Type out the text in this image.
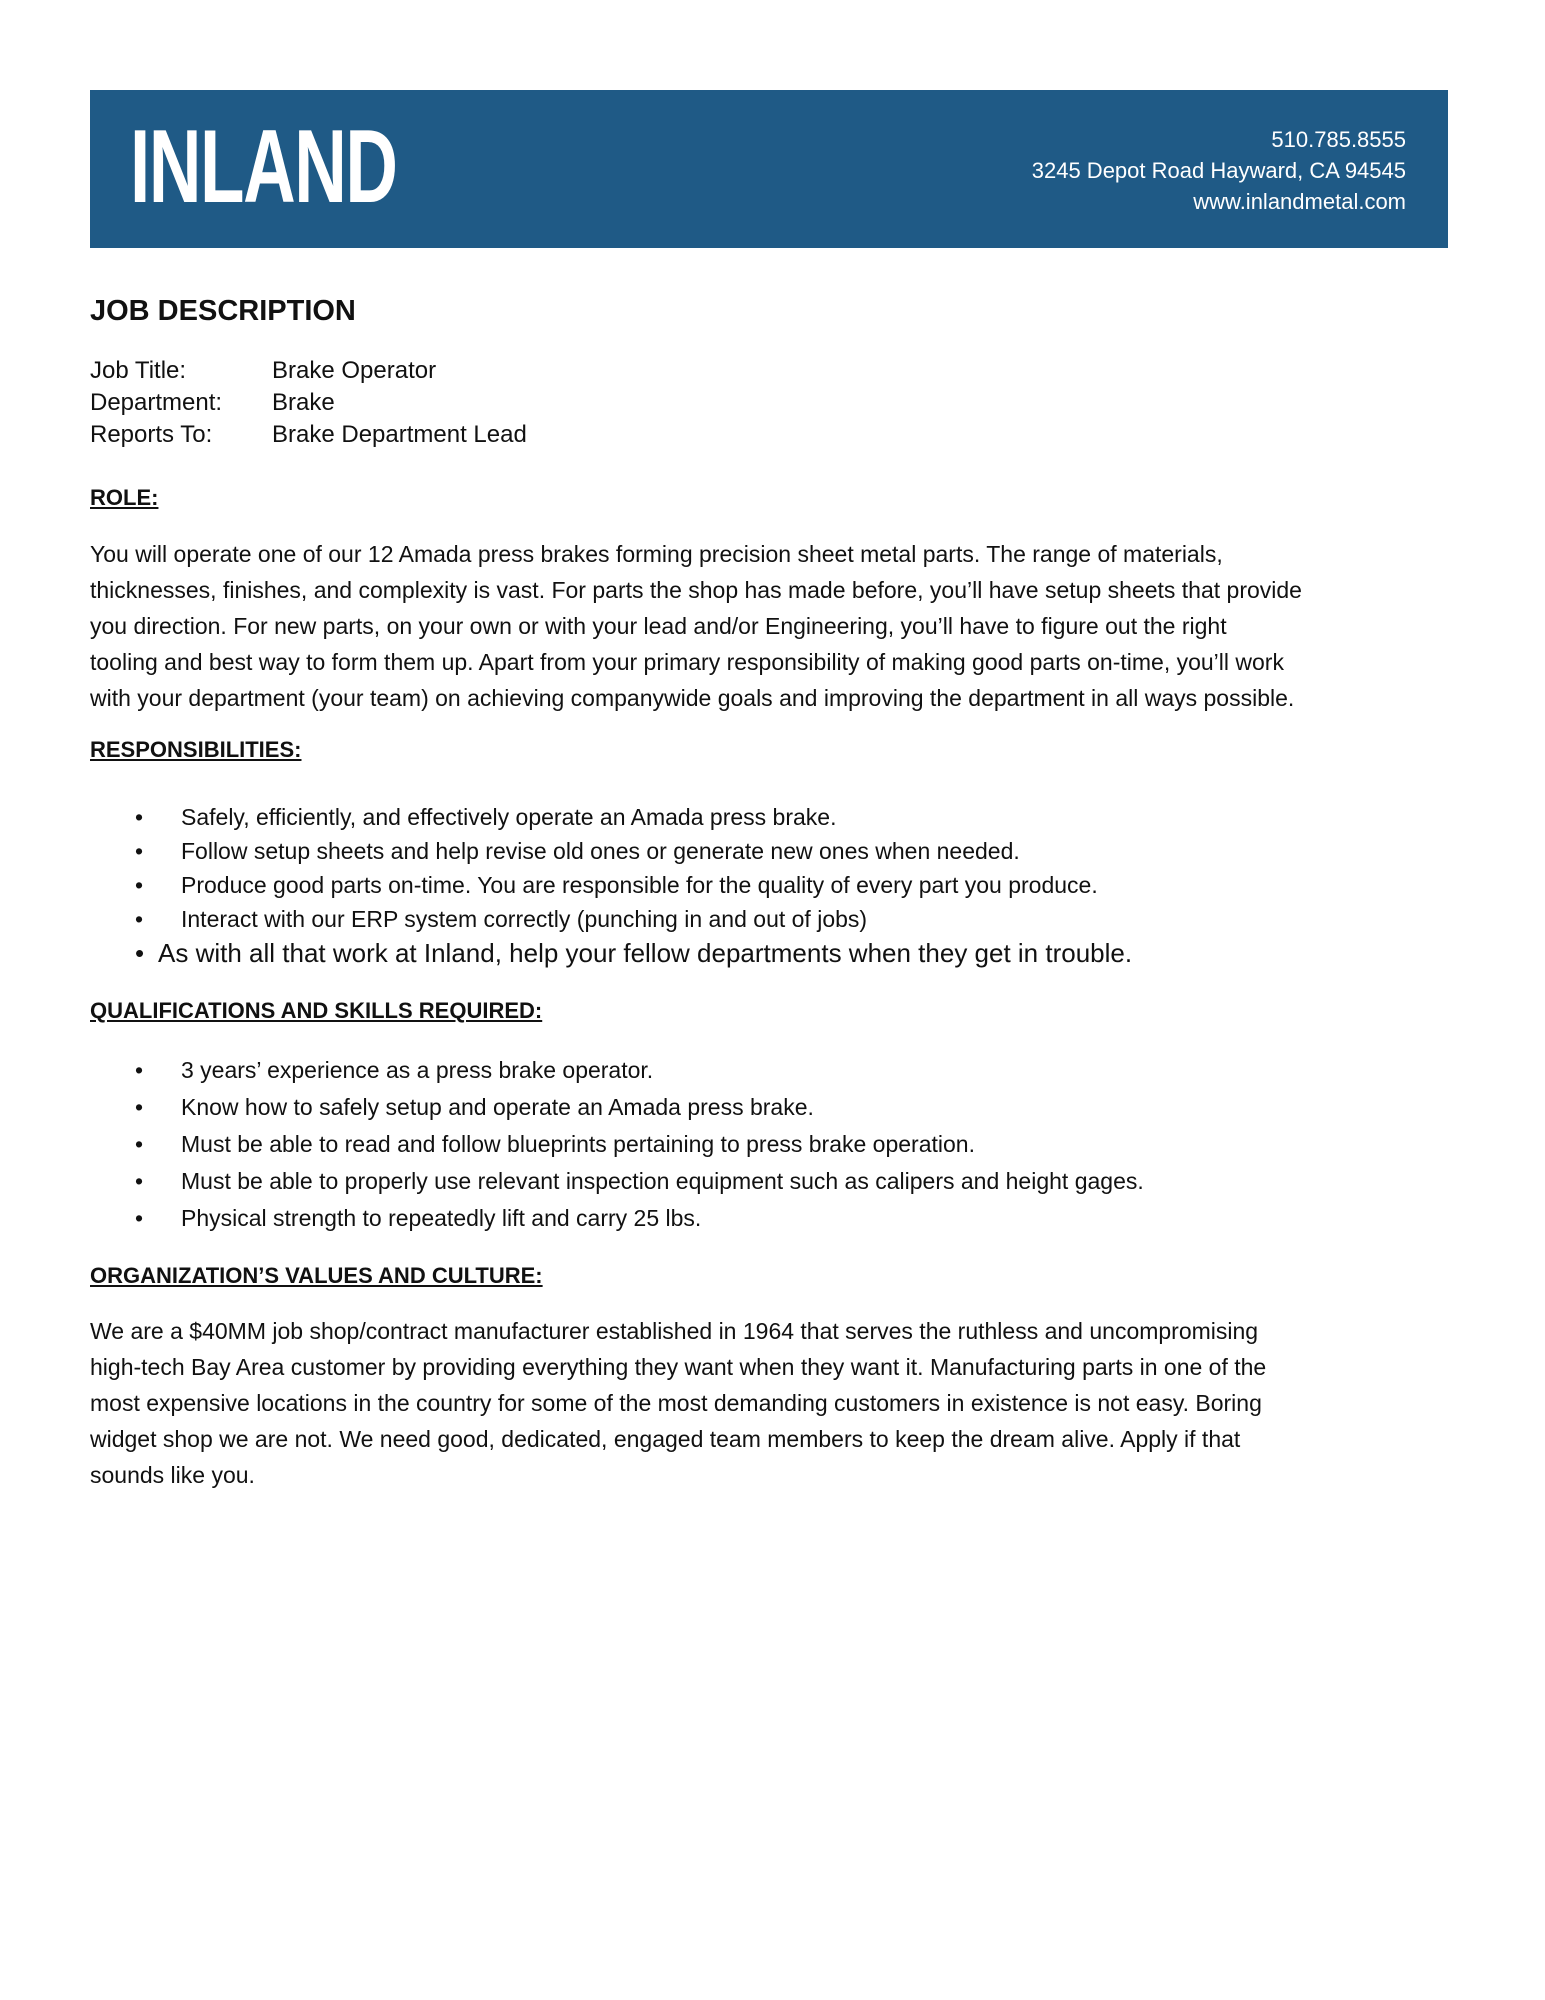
INLAND	510.785.8555
3245 Depot Road Hayward, CA 94545
www.inlandmetal.com
JOB DESCRIPTION
Job Title:	Brake Operator
Department:	Brake
Reports To:	Brake Department Lead
ROLE:
You will operate one of our 12 Amada press brakes forming precision sheet metal parts. The range of materials,
thicknesses, finishes, and complexity is vast. For parts the shop has made before, you’ll have setup sheets that provide
you direction. For new parts, on your own or with your lead and/or Engineering, you’ll have to figure out the right
tooling and best way to form them up. Apart from your primary responsibility of making good parts on-time, you’ll work
with your department (your team) on achieving companywide goals and improving the department in all ways possible.
RESPONSIBILITIES:
• Safely, efficiently, and effectively operate an Amada press brake.
• Follow setup sheets and help revise old ones or generate new ones when needed.
• Produce good parts on-time. You are responsible for the quality of every part you produce.
• Interact with our ERP system correctly (punching in and out of jobs)
• As with all that work at Inland, help your fellow departments when they get in trouble.
QUALIFICATIONS AND SKILLS REQUIRED:
• 3 years’ experience as a press brake operator.
• Know how to safely setup and operate an Amada press brake.
• Must be able to read and follow blueprints pertaining to press brake operation.
• Must be able to properly use relevant inspection equipment such as calipers and height gages.
• Physical strength to repeatedly lift and carry 25 lbs.
ORGANIZATION’S VALUES AND CULTURE:
We are a $40MM job shop/contract manufacturer established in 1964 that serves the ruthless and uncompromising
high-tech Bay Area customer by providing everything they want when they want it. Manufacturing parts in one of the
most expensive locations in the country for some of the most demanding customers in existence is not easy. Boring
widget shop we are not. We need good, dedicated, engaged team members to keep the dream alive. Apply if that
sounds like you.
